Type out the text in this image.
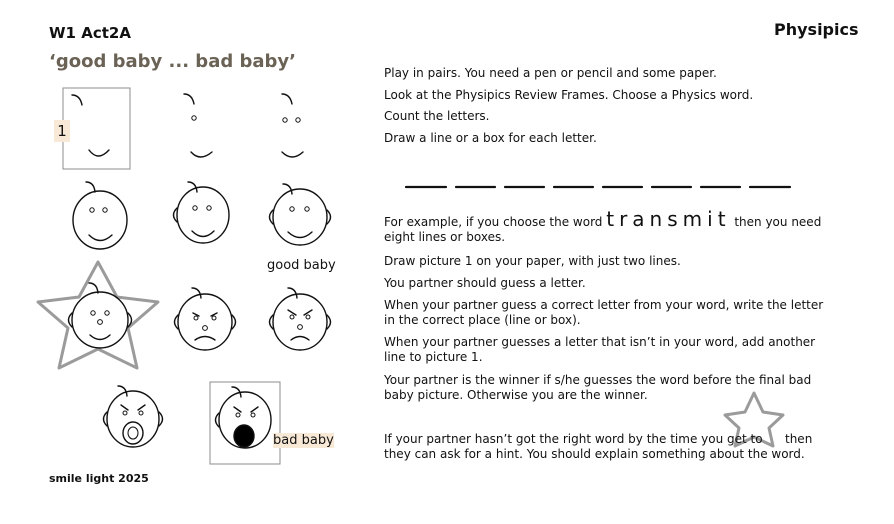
W1 Act2A
‘good baby ... bad baby’
Physipics
1
good baby
bad baby
Play in pairs. You need a pen or pencil and some paper.
Look at the Physipics Review Frames. Choose a Physics word.
Count the letters.
Draw a line or a box for each letter.
For example, if you choose the word transmit then you need eight lines or boxes.
Draw picture 1 on your paper, with just two lines.
You partner should guess a letter.
When your partner guess a correct letter from your word, write the letter in the correct place (line or box).
When your partner guesses a letter that isn’t in your word, add another line to picture 1.
Your partner is the winner if s/he guesses the word before the final bad baby picture. Otherwise you are the winner.
If your partner hasn’t got the right word by the time you get to	then
they can ask for a hint. You should explain something about the word.
smile light 2025
